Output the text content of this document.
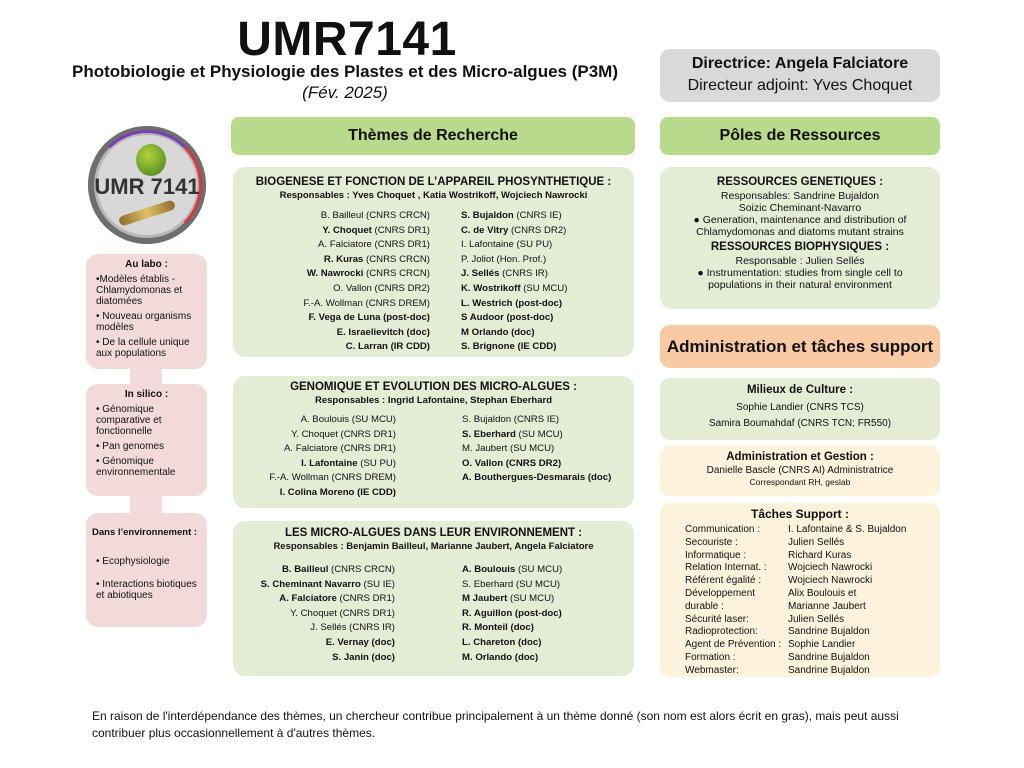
UMR7141
Photobiologie et Physiologie des Plastes et des Micro-algues (P3M)
(Fév. 2025)
Directrice: Angela Falciatore
Directeur adjoint: Yves Choquet
UMR 7141
Thèmes de Recherche	Pôles de Ressources
BIOGENESE ET FONCTION DE L’APPAREIL PHOSYNTHETIQUE :
Responsables : Yves Choquet , Katia Wostrikoff, Wojciech Nawrocki
B. Bailleul (CNRS CRCN)
Y. Choquet (CNRS DR1)
A. Falciatore (CNRS DR1)
R. Kuras (CNRS CRCN)
W. Nawrocki (CNRS CRCN)
O. Vallon (CNRS DR2)
F.-A. Wollman (CNRS DREM)
F. Vega de Luna (post-doc)
E. Israelievitch (doc)
C. Larran (IR CDD)
S. Bujaldon (CNRS IE)
C. de Vitry (CNRS DR2)
I. Lafontaine (SU PU)
P. Joliot (Hon. Prof.)
J. Sellés (CNRS IR)
K. Wostrikoff (SU MCU)
L. Westrich (post-doc)
S Audoor (post-doc)
M Orlando (doc)
S. Brignone (IE CDD)
GENOMIQUE ET EVOLUTION DES MICRO-ALGUES :
Responsables : Ingrid Lafontaine, Stephan Eberhard
A. Boulouis (SU MCU)
Y. Choquet (CNRS DR1)
A. Falciatore (CNRS DR1)
I. Lafontaine (SU PU)
F.-A. Wollman (CNRS DREM)
I. Colina Moreno (IE CDD)
S. Bujaldon (CNRS IE)
S. Eberhard (SU MCU)
M. Jaubert (SU MCU)
O. Vallon (CNRS DR2)
A. Bouthergues-Desmarais (doc)
LES MICRO-ALGUES DANS LEUR ENVIRONNEMENT :
Responsables : Benjamin Bailleul, Marianne Jaubert, Angela Falciatore
B. Bailleul (CNRS CRCN)
S. Cheminant Navarro (SU IE)
A. Falciatore (CNRS DR1)
Y. Choquet (CNRS DR1)
J. Sellés (CNRS IR)
E. Vernay (doc)
S. Janin (doc)
A. Boulouis (SU MCU)
S. Eberhard (SU MCU)
M Jaubert (SU MCU)
R. Aguillon (post-doc)
R. Monteil (doc)
L. Chareton (doc)
M. Orlando (doc)
Au labo :
•Modèles établis - Chlamydomonas et diatomées
• Nouveau organisms modèles
• De la cellule unique aux populations
In silico :
• Génomique comparative et fonctionnelle
• Pan genomes
• Génomique environnementale
Dans l’environnement :
• Ecophysiologie
• Interactions biotiques et abiotiques
RESSOURCES GENETIQUES :
Responsables: Sandrine Bujaldon
Soizic Cheminant-Navarro
● Generation, maintenance and distribution of Chlamydomonas and diatoms mutant strains
RESSOURCES BIOPHYSIQUES :
Responsable : Julien Sellés
● Instrumentation: studies from single cell to populations in their natural environment
Administration et tâches support
Milieux de Culture :
Sophie Landier (CNRS TCS)
Samira Boumahdaf (CNRS TCN; FR550)
Administration et Gestion :
Danielle Bascle (CNRS AI) Administratrice
Correspondant RH, geslab
Tâches Support :
Communication :	I. Lafontaine & S. Bujaldon
Secouriste :	Julien Sellés
Informatique :	Richard Kuras
Relation Internat. : Wojciech Nawrocki
Référent égalité :	Wojciech Nawrocki
Développement	Alix Boulouis et
durable :	Marianne Jaubert
Sécurité laser:	Julien Sellés
Radioprotection:	Sandrine Bujaldon
Agent de Prévention : Sophie Landier
Formation :	Sandrine Bujaldon
Webmaster:	Sandrine Bujaldon
En raison de l'interdépendance des thèmes, un chercheur contribue principalement à un thème donné (son nom est alors écrit en gras), mais peut aussi contribuer plus occasionnellement à d'autres thèmes.
